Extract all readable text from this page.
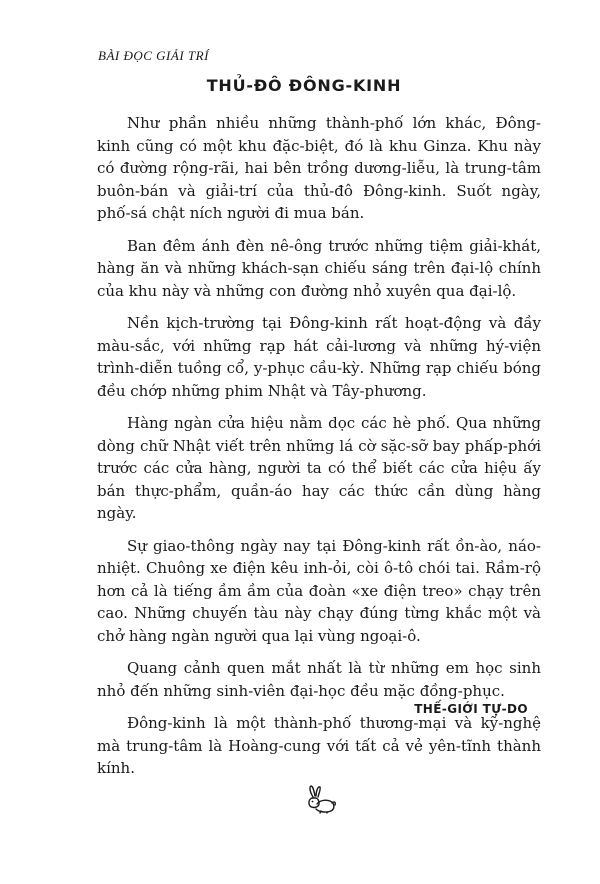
BÀI ĐỌC GIẢI TRÍ
THỦ-ĐÔ ĐÔNG-KINH

Như phần nhiều những thành-phố lớn khác, Đông-kinh cũng có một khu đặc-biệt, đó là khu Ginza. Khu này có đường rộng-rãi, hai bên trồng dương-liễu, là trung-tâm buôn-bán và giải-trí của thủ-đô Đông-kinh. Suốt ngày, phố-sá chật ních người đi mua bán.

Ban đêm ánh đèn nê-ông trước những tiệm giải-khát, hàng ăn và những khách-sạn chiếu sáng trên đại-lộ chính của khu này và những con đường nhỏ xuyên qua đại-lộ.

Nền kịch-trường tại Đông-kinh rất hoạt-động và đầy màu-sắc, với những rạp hát cải-lương và những hý-viện trình-diễn tuồng cổ, y-phục cầu-kỳ. Những rạp chiếu bóng đều chớp những phim Nhật và Tây-phương.

Hàng ngàn cửa hiệu nằm dọc các hè phố. Qua những dòng chữ Nhật viết trên những lá cờ sặc-sỡ bay phấp-phới trước các cửa hàng, người ta có thể biết các cửa hiệu ấy bán thực-phẩm, quần-áo hay các thức cần dùng hàng ngày.

Sự giao-thông ngày nay tại Đông-kinh rất ồn-ào, náo-nhiệt. Chuông xe điện kêu inh-ỏi, còi ô-tô chói tai. Rầm-rộ hơn cả là tiếng ầm ầm của đoàn «xe điện treo» chạy trên cao. Những chuyến tàu này chạy đúng từng khắc một và chở hàng ngàn người qua lại vùng ngoại-ô.

Quang cảnh quen mắt nhất là từ những em học sinh nhỏ đến những sinh-viên đại-học đều mặc đồng-phục.

Đông-kinh là một thành-phố thương-mại và kỹ-nghệ mà trung-tâm là Hoàng-cung với tất cả vẻ yên-tĩnh thành kính.

THẾ-GIỚI TỰ-DO
